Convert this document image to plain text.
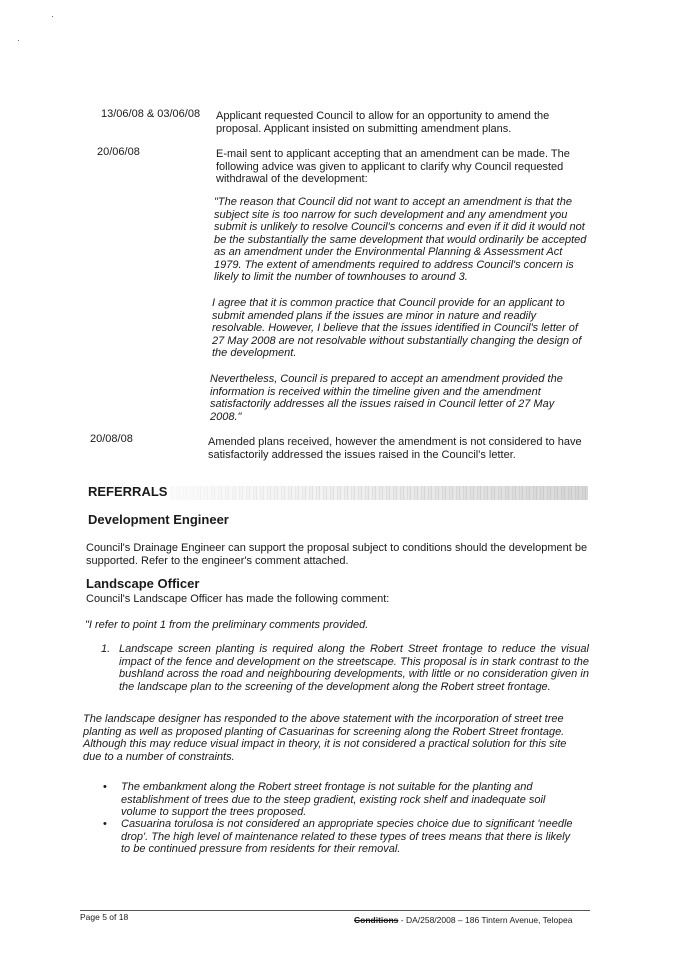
13/06/08 & 03/06/08 Applicant requested Council to allow for an opportunity to amend the proposal. Applicant insisted on submitting amendment plans.
20/06/08	E-mail sent to applicant accepting that an amendment can be made. The following advice was given to applicant to clarify why Council requested withdrawal of the development:
"The reason that Council did not want to accept an amendment is that the subject site is too narrow for such development and any amendment you submit is unlikely to resolve Council's concerns and even if it did it would not be the substantially the same development that would ordinarily be accepted as an amendment under the Environmental Planning & Assessment Act 1979. The extent of amendments required to address Council's concern is likely to limit the number of townhouses to around 3.
I agree that it is common practice that Council provide for an applicant to submit amended plans if the issues are minor in nature and readily resolvable. However, I believe that the issues identified in Council's letter of 27 May 2008 are not resolvable without substantially changing the design of the development.
Nevertheless, Council is prepared to accept an amendment provided the information is received within the timeline given and the amendment satisfactorily addresses all the issues raised in Council letter of 27 May 2008."
20/08/08	Amended plans received, however the amendment is not considered to have satisfactorily addressed the issues raised in the Council's letter.
REFERRALS
Development Engineer
Council's Drainage Engineer can support the proposal subject to conditions should the development be supported. Refer to the engineer's comment attached.
Landscape Officer
Council's Landscape Officer has made the following comment:
"I refer to point 1 from the preliminary comments provided.
1. Landscape screen planting is required along the Robert Street frontage to reduce the visual impact of the fence and development on the streetscape. This proposal is in stark contrast to the bushland across the road and neighbouring developments, with little or no consideration given in the landscape plan to the screening of the development along the Robert street frontage.
The landscape designer has responded to the above statement with the incorporation of street tree planting as well as proposed planting of Casuarinas for screening along the Robert Street frontage. Although this may reduce visual impact in theory, it is not considered a practical solution for this site due to a number of constraints.
• The embankment along the Robert street frontage is not suitable for the planting and establishment of trees due to the steep gradient, existing rock shelf and inadequate soil volume to support the trees proposed.
• Casuarina torulosa is not considered an appropriate species choice due to significant 'needle drop'. The high level of maintenance related to these types of trees means that there is likely to be continued pressure from residents for their removal.
Page 5 of 18	Conditions - DA/258/2008 – 186 Tintern Avenue, Telopea
